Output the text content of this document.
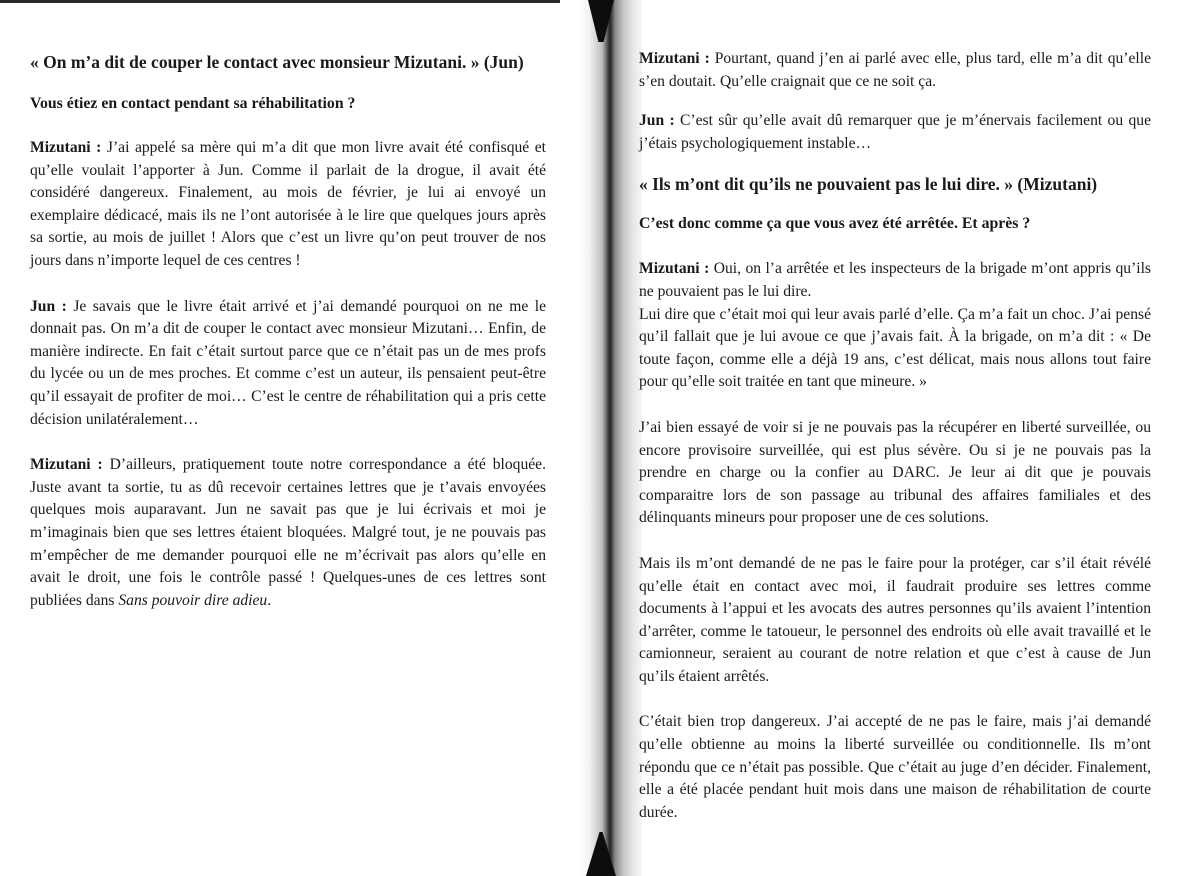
« On m’a dit de couper le contact avec monsieur Mizutani. » (Jun)

Vous étiez en contact pendant sa réhabilitation ?

Mizutani : J’ai appelé sa mère qui m’a dit que mon livre avait été confisqué et qu’elle voulait l’apporter à Jun. Comme il parlait de la drogue, il avait été considéré dangereux. Finalement, au mois de février, je lui ai envoyé un exemplaire dédicacé, mais ils ne l’ont autorisée à le lire que quelques jours après sa sortie, au mois de juillet ! Alors que c’est un livre qu’on peut trouver de nos jours dans n’importe lequel de ces centres !

Jun : Je savais que le livre était arrivé et j’ai demandé pourquoi on ne me le donnait pas. On m’a dit de couper le contact avec monsieur Mizutani… Enfin, de manière indirecte. En fait c’était surtout parce que ce n’était pas un de mes profs du lycée ou un de mes proches. Et comme c’est un auteur, ils pensaient peut-être qu’il essayait de profiter de moi… C’est le centre de réhabilitation qui a pris cette décision unilatéralement…

Mizutani : D’ailleurs, pratiquement toute notre correspondance a été bloquée. Juste avant ta sortie, tu as dû recevoir certaines lettres que je t’avais envoyées quelques mois auparavant. Jun ne savait pas que je lui écrivais et moi je m’imaginais bien que ses lettres étaient bloquées. Malgré tout, je ne pouvais pas m’empêcher de me demander pourquoi elle ne m’écrivait pas alors qu’elle en avait le droit, une fois le contrôle passé ! Quelques-unes de ces lettres sont publiées dans Sans pouvoir dire adieu.

Mizutani : Pourtant, quand j’en ai parlé avec elle, plus tard, elle m’a dit qu’elle s’en doutait. Qu’elle craignait que ce ne soit ça.

Jun : C’est sûr qu’elle avait dû remarquer que je m’énervais facilement ou que j’étais psychologiquement instable…

« Ils m’ont dit qu’ils ne pouvaient pas le lui dire. » (Mizutani)

C’est donc comme ça que vous avez été arrêtée. Et après ?

Mizutani : Oui, on l’a arrêtée et les inspecteurs de la brigade m’ont appris qu’ils ne pouvaient pas le lui dire.
Lui dire que c’était moi qui leur avais parlé d’elle. Ça m’a fait un choc. J’ai pensé qu’il fallait que je lui avoue ce que j’avais fait. À la brigade, on m’a dit : « De toute façon, comme elle a déjà 19 ans, c’est délicat, mais nous allons tout faire pour qu’elle soit traitée en tant que mineure. »

J’ai bien essayé de voir si je ne pouvais pas la récupérer en liberté surveillée, ou encore provisoire surveillée, qui est plus sévère. Ou si je ne pouvais pas la prendre en charge ou la confier au DARC. Je leur ai dit que je pouvais comparaitre lors de son passage au tribunal des affaires familiales et des délinquants mineurs pour proposer une de ces solutions.

Mais ils m’ont demandé de ne pas le faire pour la protéger, car s’il était révélé qu’elle était en contact avec moi, il faudrait produire ses lettres comme documents à l’appui et les avocats des autres personnes qu’ils avaient l’intention d’arrêter, comme le tatoueur, le personnel des endroits où elle avait travaillé et le camionneur, seraient au courant de notre relation et que c’est à cause de Jun qu’ils étaient arrêtés.

C’était bien trop dangereux. J’ai accepté de ne pas le faire, mais j’ai demandé qu’elle obtienne au moins la liberté surveillée ou conditionnelle. Ils m’ont répondu que ce n’était pas possible. Que c’était au juge d’en décider. Finalement, elle a été placée pendant huit mois dans une maison de réhabilitation de courte durée.
